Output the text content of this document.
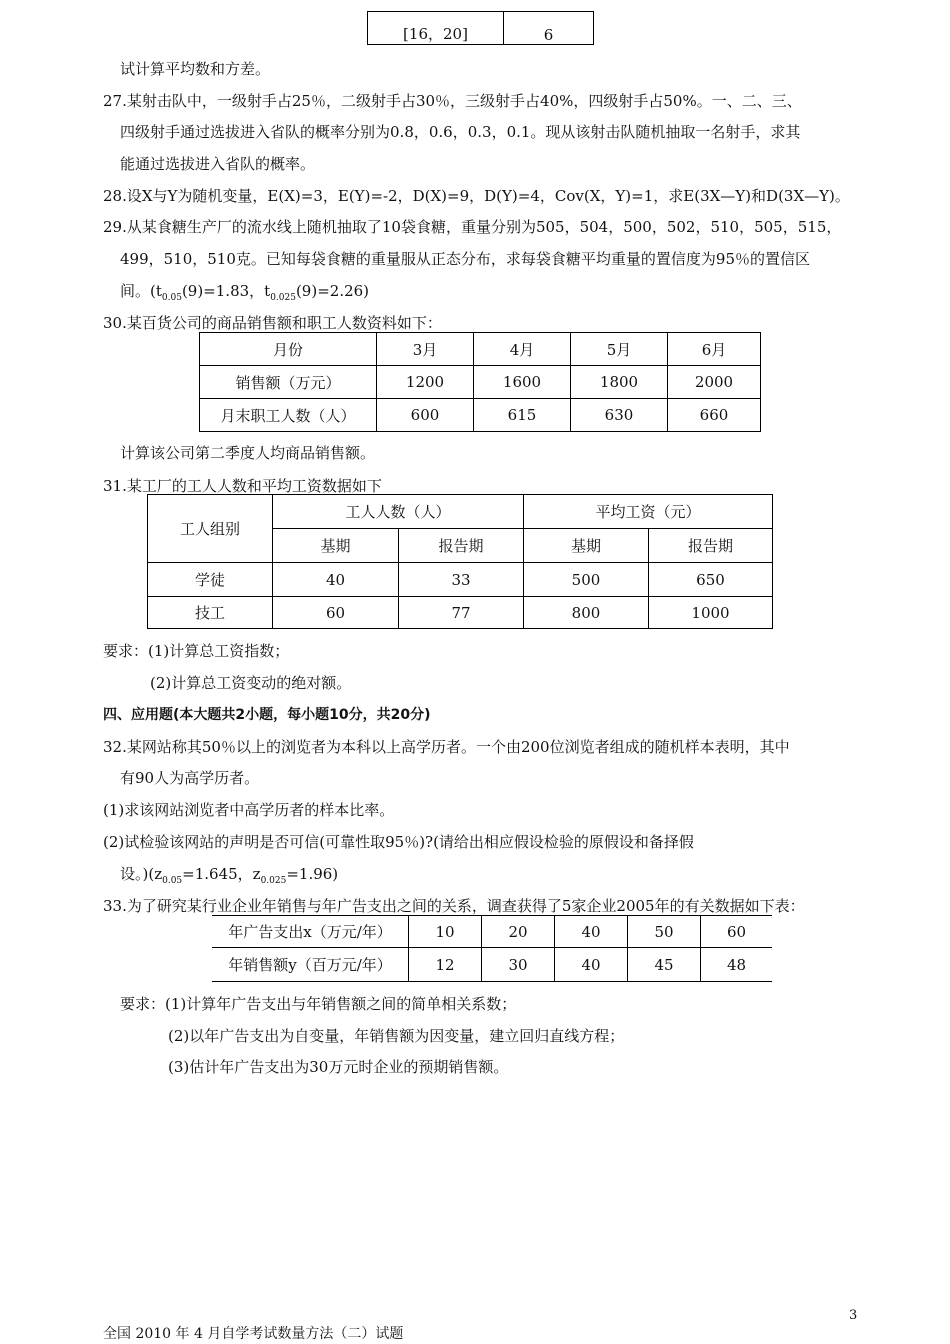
[16，20]	6
试计算平均数和方差。
27.某射击队中，一级射手占25％，二级射手占30％，三级射手占40%，四级射手占50%。一、二、三、
四级射手通过选拔进入省队的概率分别为0.8，0.6，0.3，0.1。现从该射击队随机抽取一名射手，求其
能通过选拔进入省队的概率。
28.设X与Y为随机变量，E(X)=3，E(Y)=-2，D(X)=9，D(Y)=4，Cov(X，Y)=1，求E(3X—Y)和D(3X—Y)。
29.从某食糖生产厂的流水线上随机抽取了10袋食糖，重量分别为505，504，500，502，510，505，515，
499，510，510克。已知每袋食糖的重量服从正态分布，求每袋食糖平均重量的置信度为95％的置信区
间。($t_{0.05}(9)=1.83$，$t_{0.025}(9)=2.26$)
30.某百货公司的商品销售额和职工人数资料如下：
月份	3月	4月	5月	6月
销售额（万元）	1200	1600	1800	2000
月末职工人数（人）	600	615	630	660
计算该公司第二季度人均商品销售额。
31.某工厂的工人人数和平均工资数据如下
工人组别	工人人数（人）		平均工资（元）	
	基期	报告期	基期	报告期
学徒	40	33	500	650
技工	60	77	800	1000
要求：(1)计算总工资指数；
(2)计算总工资变动的绝对额。
四、应用题(本大题共2小题，每小题10分，共20分)
32.某网站称其50％以上的浏览者为本科以上高学历者。一个由200位浏览者组成的随机样本表明，其中
有90人为高学历者。
(1)求该网站浏览者中高学历者的样本比率。
(2)试检验该网站的声明是否可信(可靠性取95％)?(请给出相应假设检验的原假设和备择假
设。)($z_{0.05}=1.645$，$z_{0.025}=1.96$)
33.为了研究某行业企业年销售与年广告支出之间的关系，调查获得了5家企业2005年的有关数据如下表：
年广告支出x（万元/年）	10	20	40	50	60
年销售额y（百万元/年）	12	30	40	45	48
要求：(1)计算年广告支出与年销售额之间的简单相关系数；
(2)以年广告支出为自变量，年销售额为因变量，建立回归直线方程；
(3)估计年广告支出为30万元时企业的预期销售额。
3
全国 2010 年 4 月自学考试数量方法（二）试题
